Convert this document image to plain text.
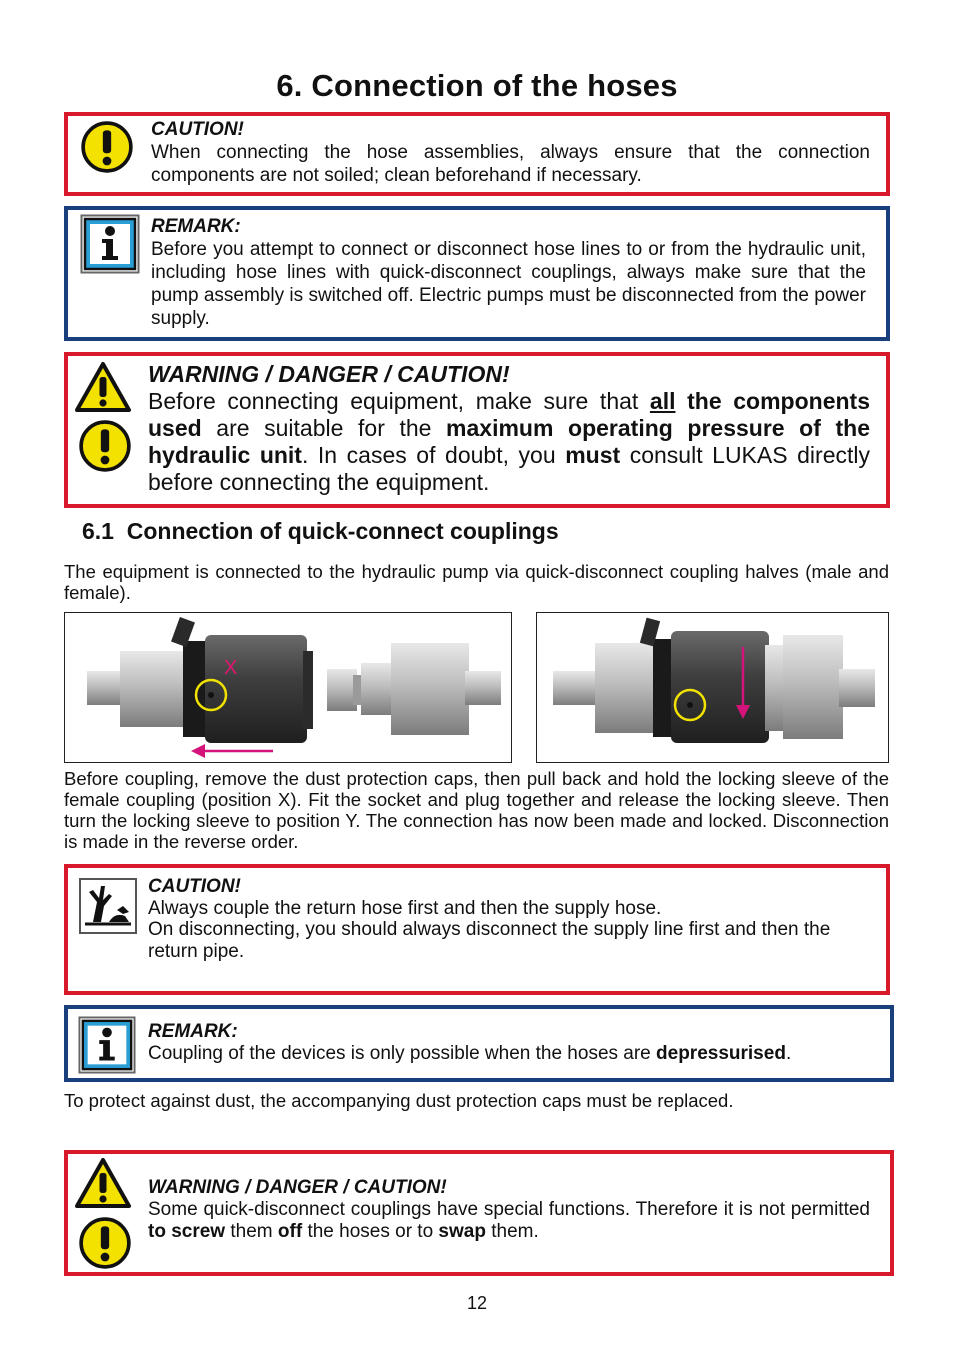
6. Connection of the hoses
CAUTION!
When connecting the hose assemblies, always ensure that the connection components are not soiled; clean beforehand if necessary.
REMARK:
Before you attempt to connect or disconnect hose lines to or from the hydraulic unit, including hose lines with quick-disconnect couplings, always make sure that the pump assembly is switched off. Electric pumps must be disconnected from the power supply.
WARNING / DANGER / CAUTION!
Before connecting equipment, make sure that all the components used are suitable for the maximum operating pressure of the hydraulic unit. In cases of doubt, you must consult LUKAS directly before connecting the equipment.
6.1  Connection of quick-connect couplings

The equipment is connected to the hydraulic pump via quick-disconnect coupling halves (male and female).

X

Before coupling, remove the dust protection caps, then pull back and hold the locking sleeve of the female coupling (position X). Fit the socket and plug together and release the locking sleeve. Then turn the locking sleeve to position Y. The connection has now been made and locked. Disconnection is made in the reverse order.

CAUTION!
Always couple the return hose first and then the supply hose.
On disconnecting, you should always disconnect the supply line first and then the return pipe.
REMARK:
Coupling of the devices is only possible when the hoses are depressurised.

To protect against dust, the accompanying dust protection caps must be replaced.

WARNING / DANGER / CAUTION!
Some quick-disconnect couplings have special functions. Therefore it is not permitted to screw them off the hoses or to swap them.
12
